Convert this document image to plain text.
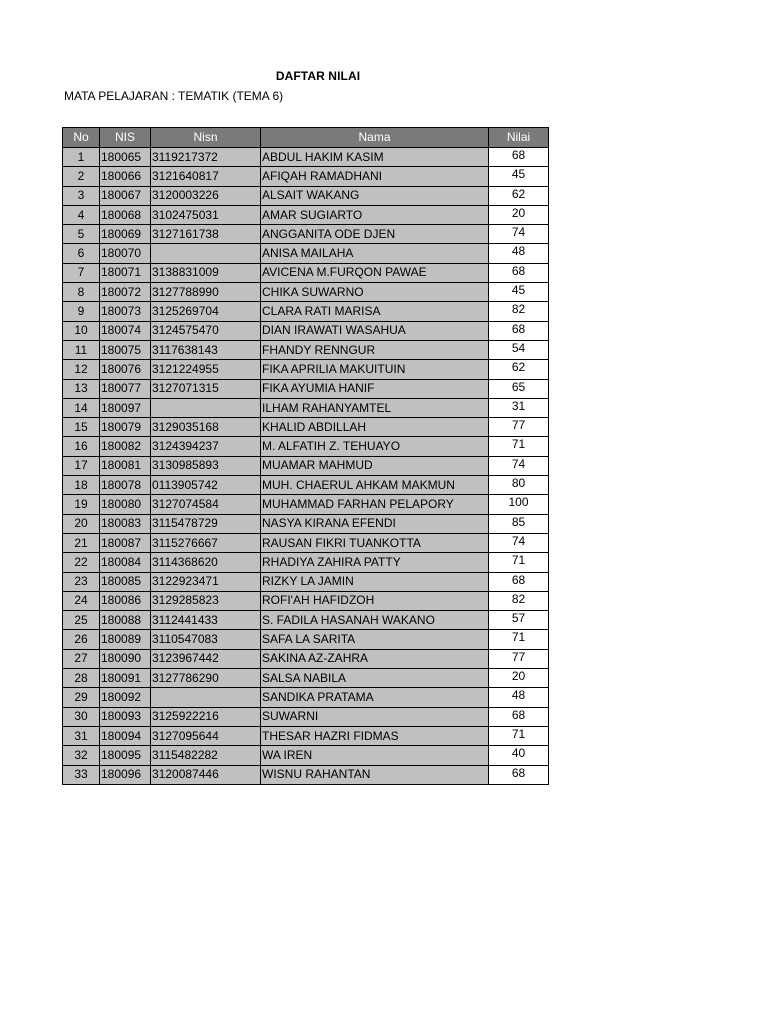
DAFTAR NILAI
MATA PELAJARAN : TEMATIK (TEMA 6)
No	NIS	Nisn	Nama	Nilai
1	180065	3119217372	ABDUL HAKIM KASIM	68
2	180066	3121640817	AFIQAH RAMADHANI	45
3	180067	3120003226	ALSAIT WAKANG	62
4	180068	3102475031	AMAR SUGIARTO	20
5	180069	3127161738	ANGGANITA ODE DJEN	74
6	180070		ANISA MAILAHA	48
7	180071	3138831009	AVICENA M.FURQON PAWAE	68
8	180072	3127788990	CHIKA SUWARNO	45
9	180073	3125269704	CLARA RATI MARISA	82
10	180074	3124575470	DIAN IRAWATI WASAHUA	68
11	180075	3117638143	FHANDY RENNGUR	54
12	180076	3121224955	FIKA APRILIA MAKUITUIN	62
13	180077	3127071315	FIKA AYUMIA HANIF	65
14	180097		ILHAM RAHANYAMTEL	31
15	180079	3129035168	KHALID ABDILLAH	77
16	180082	3124394237	M. ALFATIH Z. TEHUAYO	71
17	180081	3130985893	MUAMAR MAHMUD	74
18	180078	0113905742	MUH. CHAERUL AHKAM MAKMUN	80
19	180080	3127074584	MUHAMMAD FARHAN PELAPORY	100
20	180083	3115478729	NASYA KIRANA EFENDI	85
21	180087	3115276667	RAUSAN FIKRI TUANKOTTA	74
22	180084	3114368620	RHADIYA ZAHIRA PATTY	71
23	180085	3122923471	RIZKY LA JAMIN	68
24	180086	3129285823	ROFI'AH HAFIDZOH	82
25	180088	3112441433	S. FADILA HASANAH WAKANO	57
26	180089	3110547083	SAFA LA SARITA	71
27	180090	3123967442	SAKINA AZ-ZAHRA	77
28	180091	3127786290	SALSA NABILA	20
29	180092		SANDIKA PRATAMA	48
30	180093	3125922216	SUWARNI	68
31	180094	3127095644	THESAR HAZRI FIDMAS	71
32	180095	3115482282	WA IREN	40
33	180096	3120087446	WISNU RAHANTAN	68
